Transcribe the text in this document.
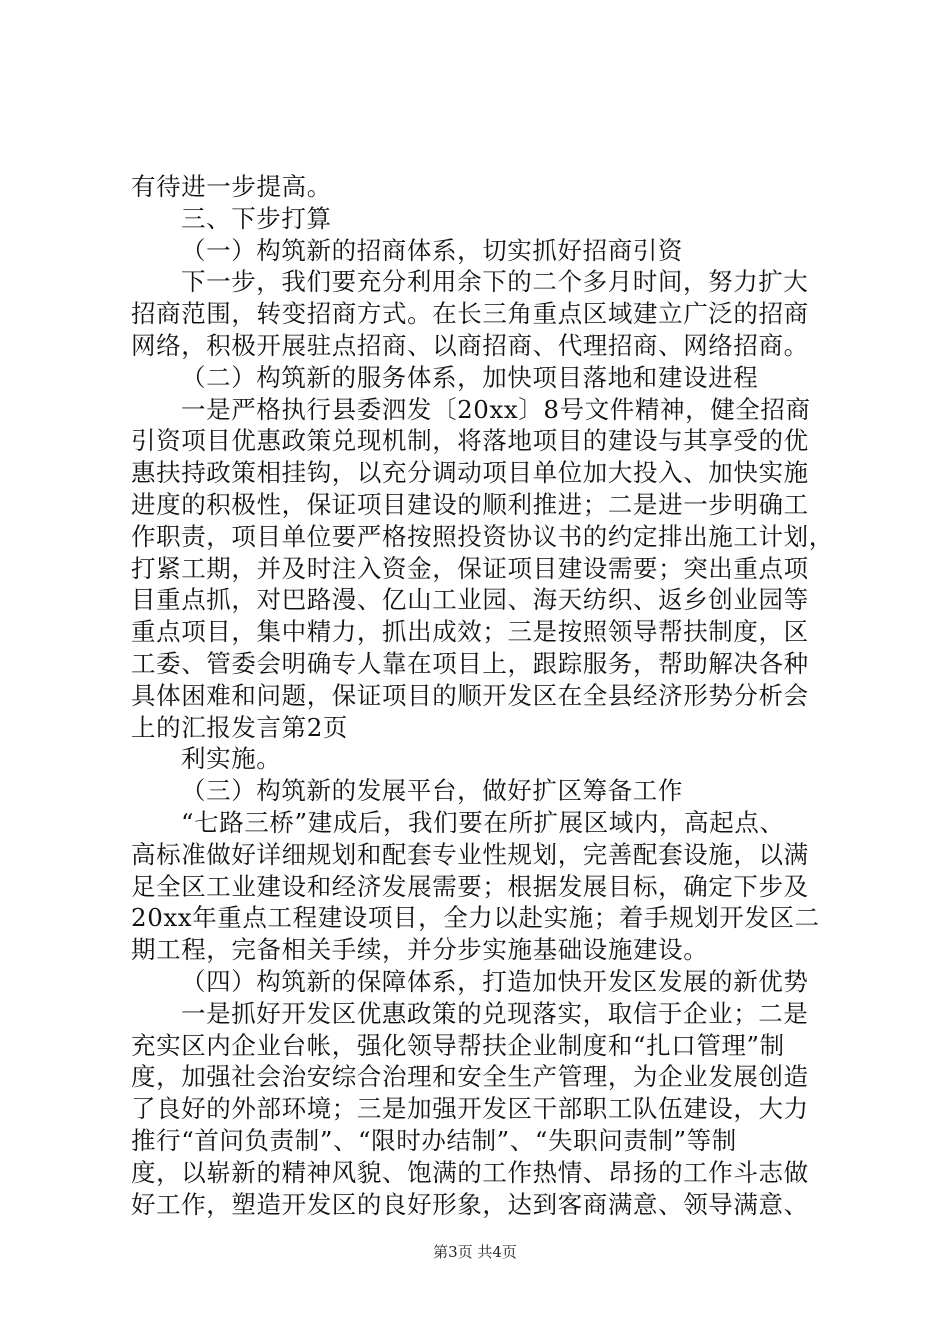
有待进一步提高。
三、下步打算
（一）构筑新的招商体系，切实抓好招商引资
下一步，我们要充分利用余下的二个多月时间，努力扩大
招商范围，转变招商方式。在长三角重点区域建立广泛的招商
网络，积极开展驻点招商、以商招商、代理招商、网络招商。
（二）构筑新的服务体系，加快项目落地和建设进程
一是严格执行县委泗发〔20xx〕8号文件精神，健全招商
引资项目优惠政策兑现机制，将落地项目的建设与其享受的优
惠扶持政策相挂钩，以充分调动项目单位加大投入、加快实施
进度的积极性，保证项目建设的顺利推进；二是进一步明确工
作职责，项目单位要严格按照投资协议书的约定排出施工计划，
打紧工期，并及时注入资金，保证项目建设需要；突出重点项
目重点抓，对巴路漫、亿山工业园、海天纺织、返乡创业园等
重点项目，集中精力，抓出成效；三是按照领导帮扶制度，区
工委、管委会明确专人靠在项目上，跟踪服务，帮助解决各种
具体困难和问题，保证项目的顺开发区在全县经济形势分析会
上的汇报发言第2页
利实施。
（三）构筑新的发展平台，做好扩区筹备工作
“七路三桥”建成后，我们要在所扩展区域内，高起点、
高标准做好详细规划和配套专业性规划，完善配套设施，以满
足全区工业建设和经济发展需要；根据发展目标，确定下步及
20xx年重点工程建设项目，全力以赴实施；着手规划开发区二
期工程，完备相关手续，并分步实施基础设施建设。
（四）构筑新的保障体系，打造加快开发区发展的新优势
一是抓好开发区优惠政策的兑现落实，取信于企业；二是
充实区内企业台帐，强化领导帮扶企业制度和“扎口管理”制
度，加强社会治安综合治理和安全生产管理，为企业发展创造
了良好的外部环境；三是加强开发区干部职工队伍建设，大力
推行“首问负责制”、“限时办结制”、“失职问责制”等制
度，以崭新的精神风貌、饱满的工作热情、昂扬的工作斗志做
好工作，塑造开发区的良好形象，达到客商满意、领导满意、
第3页 共4页
